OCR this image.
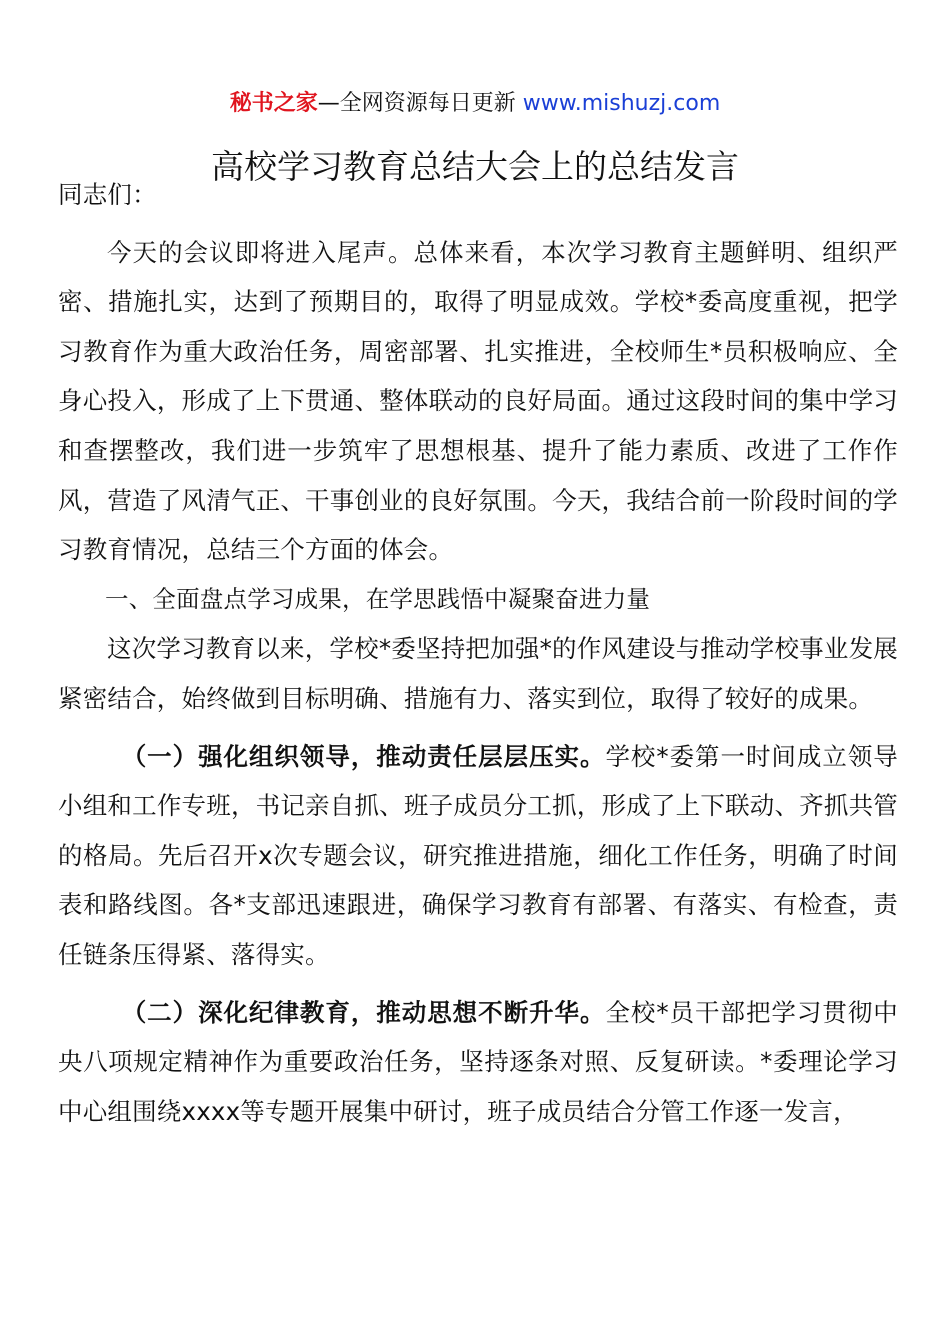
秘书之家—全网资源每日更新 www.mishuzj.com
高校学习教育总结大会上的总结发言

同志们：

今天的会议即将进入尾声。总体来看，本次学习教育主题鲜明、组织严密、措施扎实，达到了预期目的，取得了明显成效。学校*委高度重视，把学习教育作为重大政治任务，周密部署、扎实推进，全校师生*员积极响应、全身心投入，形成了上下贯通、整体联动的良好局面。通过这段时间的集中学习和查摆整改，我们进一步筑牢了思想根基、提升了能力素质、改进了工作作风，营造了风清气正、干事创业的良好氛围。今天，我结合前一阶段时间的学习教育情况，总结三个方面的体会。

一、全面盘点学习成果，在学思践悟中凝聚奋进力量

这次学习教育以来，学校*委坚持把加强*的作风建设与推动学校事业发展紧密结合，始终做到目标明确、措施有力、落实到位，取得了较好的成果。

（一）强化组织领导，推动责任层层压实。学校*委第一时间成立领导小组和工作专班，书记亲自抓、班子成员分工抓，形成了上下联动、齐抓共管的格局。先后召开x次专题会议，研究推进措施，细化工作任务，明确了时间表和路线图。各*支部迅速跟进，确保学习教育有部署、有落实、有检查，责任链条压得紧、落得实。

（二）深化纪律教育，推动思想不断升华。全校*员干部把学习贯彻中央八项规定精神作为重要政治任务，坚持逐条对照、反复研读。*委理论学习中心组围绕xxxx等专题开展集中研讨，班子成员结合分管工作逐一发言，
